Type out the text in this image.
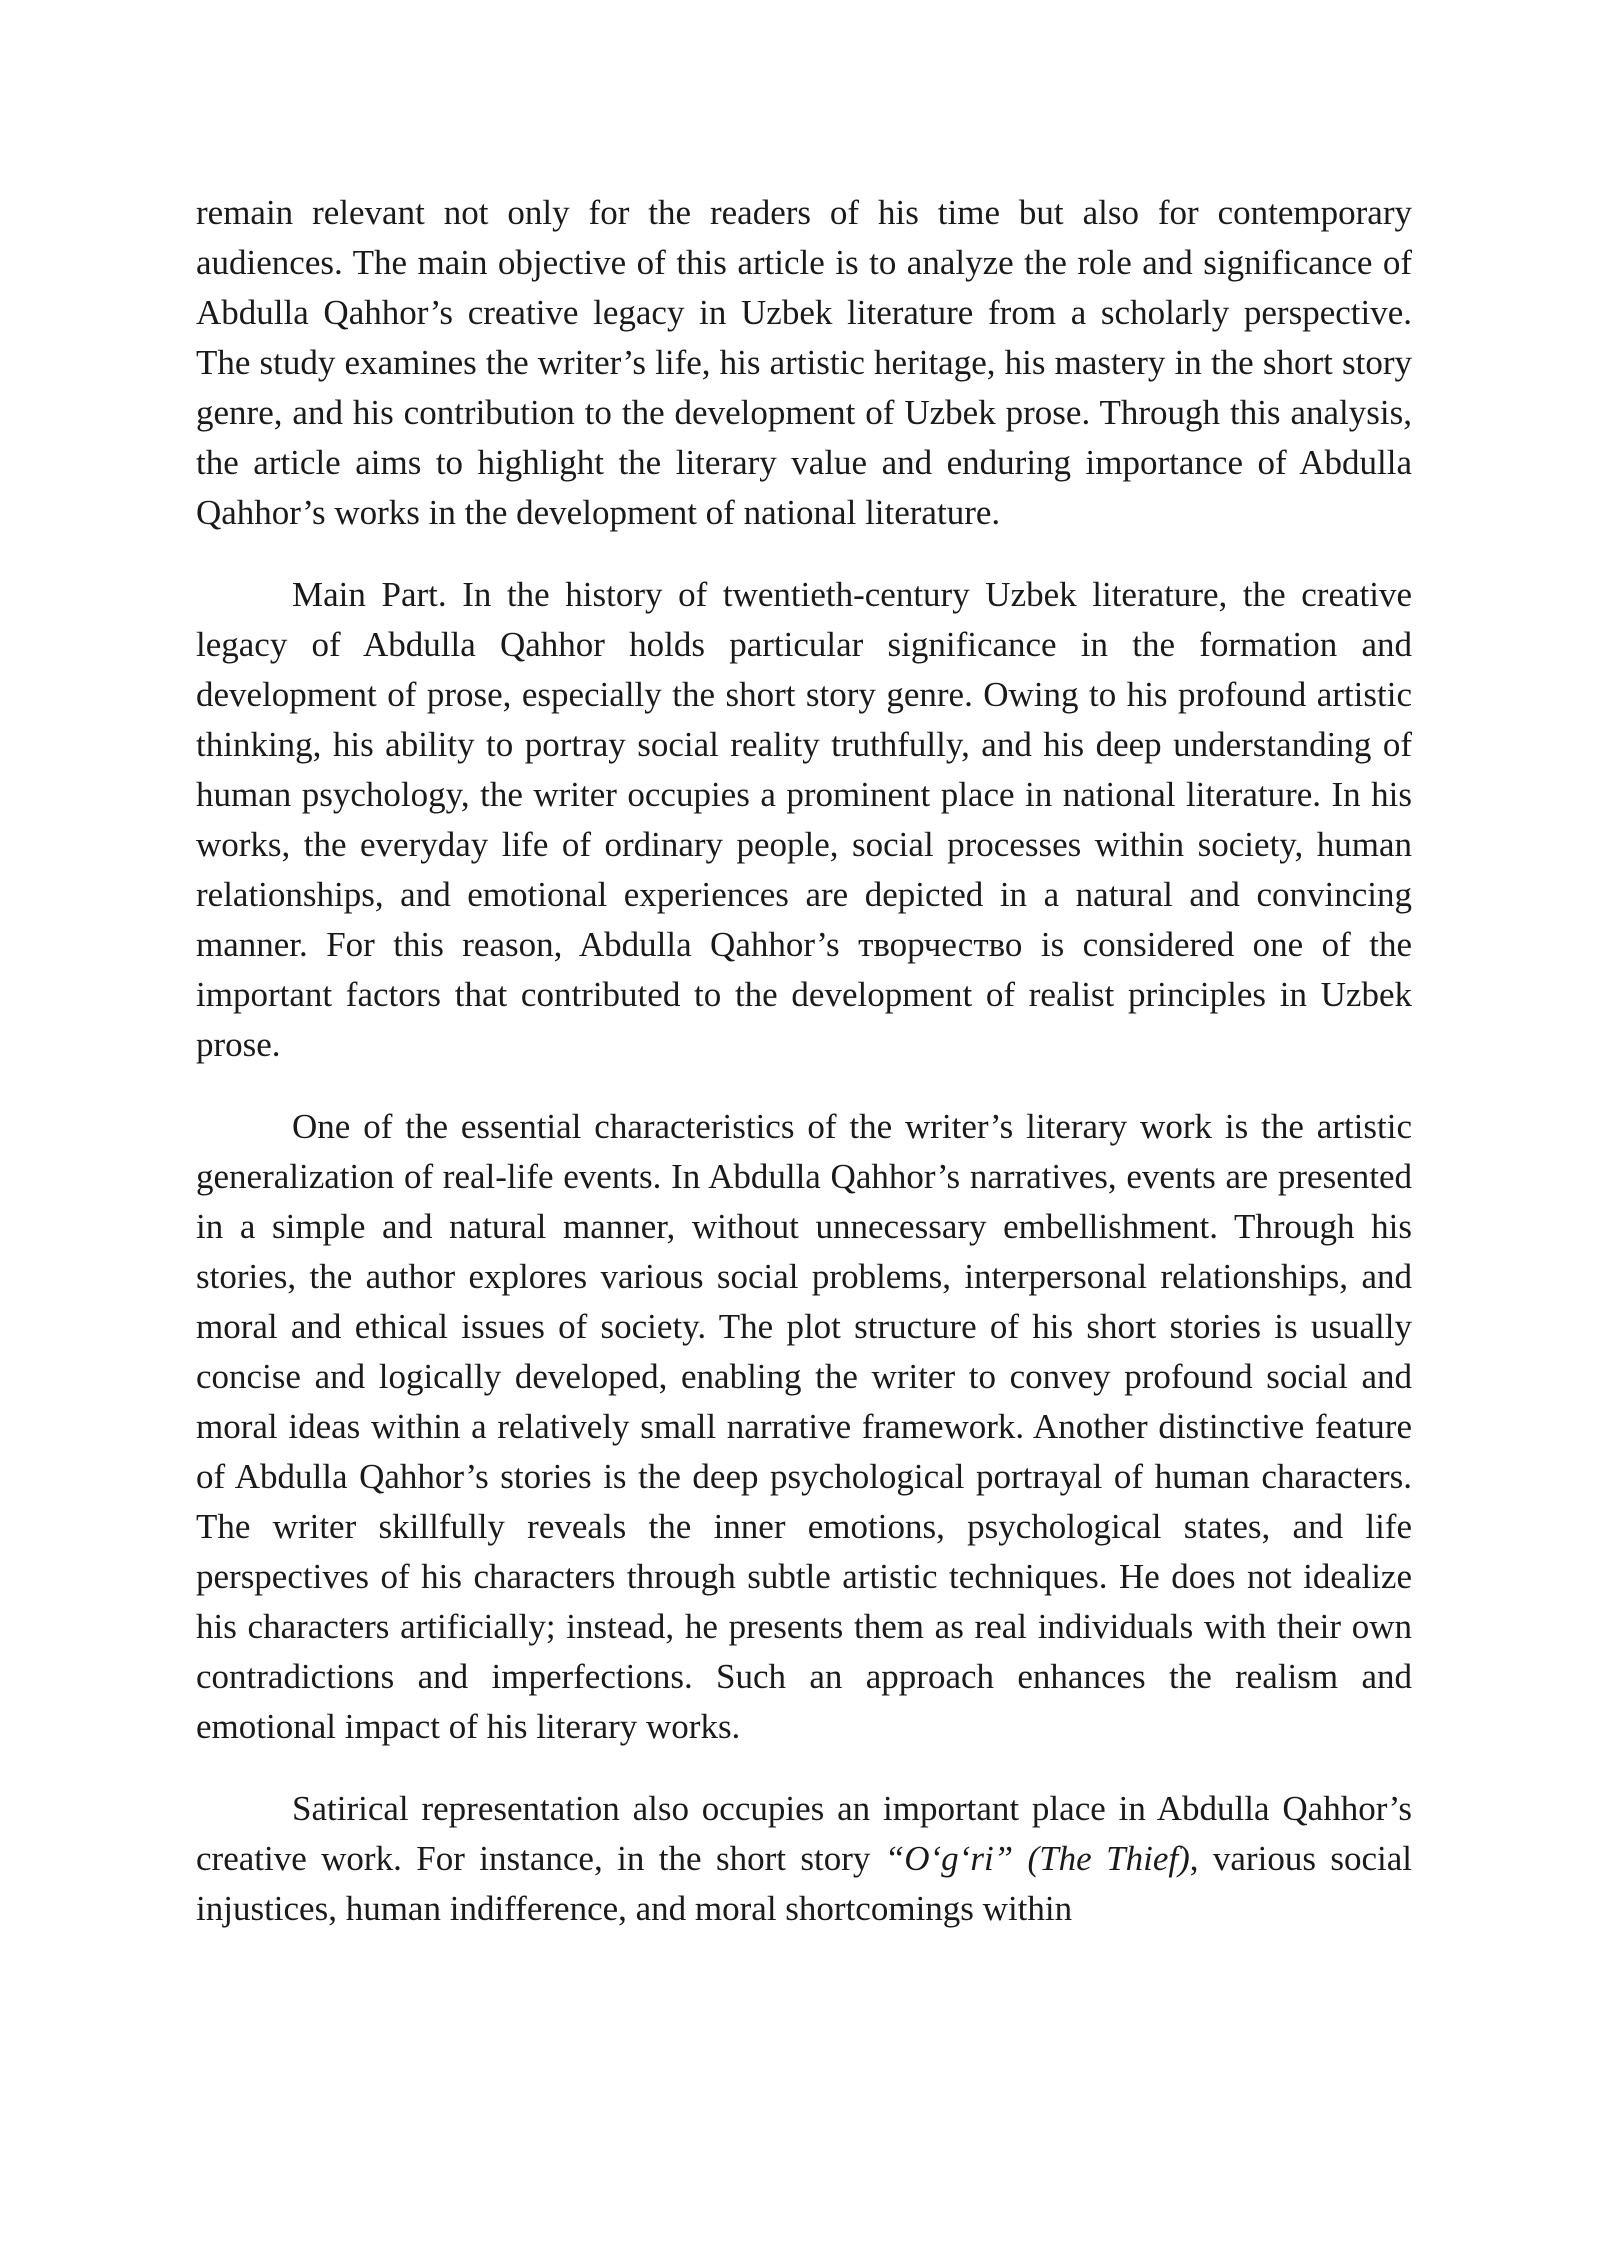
remain relevant not only for the readers of his time but also for contemporary audiences. The main objective of this article is to analyze the role and significance of Abdulla Qahhor’s creative legacy in Uzbek literature from a scholarly perspective. The study examines the writer’s life, his artistic heritage, his mastery in the short story genre, and his contribution to the development of Uzbek prose. Through this analysis, the article aims to highlight the literary value and enduring importance of Abdulla Qahhor’s works in the development of national literature.

Main Part. In the history of twentieth-century Uzbek literature, the creative legacy of Abdulla Qahhor holds particular significance in the formation and development of prose, especially the short story genre. Owing to his profound artistic thinking, his ability to portray social reality truthfully, and his deep understanding of human psychology, the writer occupies a prominent place in national literature. In his works, the everyday life of ordinary people, social processes within society, human relationships, and emotional experiences are depicted in a natural and convincing manner. For this reason, Abdulla Qahhor’s творчество is considered one of the important factors that contributed to the development of realist principles in Uzbek prose.

One of the essential characteristics of the writer’s literary work is the artistic generalization of real-life events. In Abdulla Qahhor’s narratives, events are presented in a simple and natural manner, without unnecessary embellishment. Through his stories, the author explores various social problems, interpersonal relationships, and moral and ethical issues of society. The plot structure of his short stories is usually concise and logically developed, enabling the writer to convey profound social and moral ideas within a relatively small narrative framework. Another distinctive feature of Abdulla Qahhor’s stories is the deep psychological portrayal of human characters. The writer skillfully reveals the inner emotions, psychological states, and life perspectives of his characters through subtle artistic techniques. He does not idealize his characters artificially; instead, he presents them as real individuals with their own contradictions and imperfections. Such an approach enhances the realism and emotional impact of his literary works.

Satirical representation also occupies an important place in Abdulla Qahhor’s creative work. For instance, in the short story “O‘g‘ri” (The Thief), various social injustices, human indifference, and moral shortcomings within
